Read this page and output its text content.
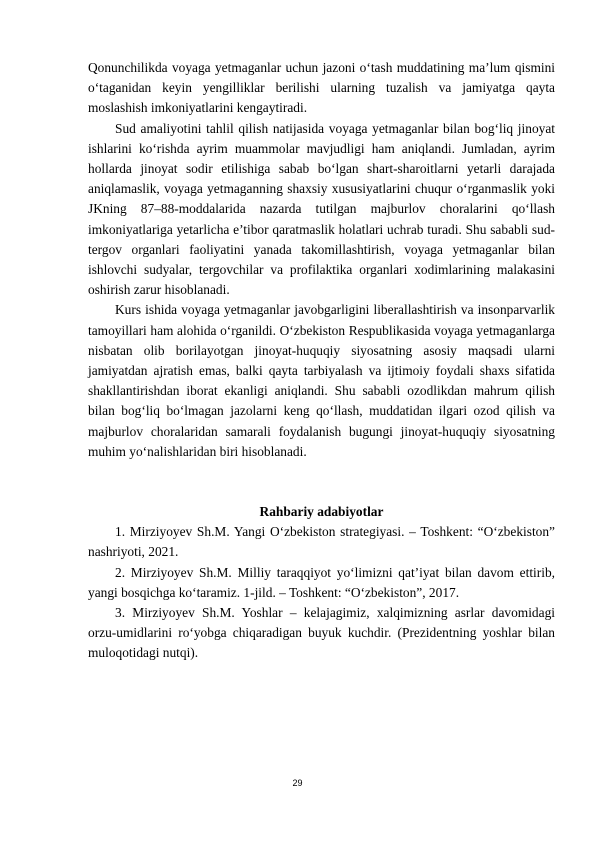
Qonunchilikda voyaga yetmaganlar uchun jazoni o‘tash muddatining ma’lum qismini o‘taganidan keyin yengilliklar berilishi ularning tuzalish va jamiyatga qayta moslashish imkoniyatlarini kengaytiradi.

Sud amaliyotini tahlil qilish natijasida voyaga yetmaganlar bilan bog‘liq jinoyat ishlarini ko‘rishda ayrim muammolar mavjudligi ham aniqlandi. Jumladan, ayrim hollarda jinoyat sodir etilishiga sabab bo‘lgan shart-sharoitlarni yetarli darajada aniqlamaslik, voyaga yetmaganning shaxsiy xususiyatlarini chuqur o‘rganmaslik yoki JKning 87–88-moddalarida nazarda tutilgan majburlov choralarini qo‘llash imkoniyatlariga yetarlicha e’tibor qaratmaslik holatlari uchrab turadi. Shu sababli sud-tergov organlari faoliyatini yanada takomillashtirish, voyaga yetmaganlar bilan ishlovchi sudyalar, tergovchilar va profilaktika organlari xodimlarining malakasini oshirish zarur hisoblanadi.

Kurs ishida voyaga yetmaganlar javobgarligini liberallashtirish va insonparvarlik tamoyillari ham alohida o‘rganildi. O‘zbekiston Respublikasida voyaga yetmaganlarga nisbatan olib borilayotgan jinoyat-huquqiy siyosatning asosiy maqsadi ularni jamiyatdan ajratish emas, balki qayta tarbiyalash va ijtimoiy foydali shaxs sifatida shakllantirishdan iborat ekanligi aniqlandi. Shu sababli ozodlikdan mahrum qilish bilan bog‘liq bo‘lmagan jazolarni keng qo‘llash, muddatidan ilgari ozod qilish va majburlov choralaridan samarali foydalanish bugungi jinoyat-huquqiy siyosatning muhim yo‘nalishlaridan biri hisoblanadi.

Rahbariy adabiyotlar

1. Mirziyoyev Sh.M. Yangi O‘zbekiston strategiyasi. – Toshkent: “O‘zbekiston” nashriyoti, 2021.

2. Mirziyoyev Sh.M. Milliy taraqqiyot yo‘limizni qat’iyat bilan davom ettirib, yangi bosqichga ko‘taramiz. 1-jild. – Toshkent: “O‘zbekiston”, 2017.

3. Mirziyoyev Sh.M. Yoshlar – kelajagimiz, xalqimizning asrlar davomidagi orzu-umidlarini ro‘yobga chiqaradigan buyuk kuchdir. (Prezidentning yoshlar bilan muloqotidagi nutqi).

29
